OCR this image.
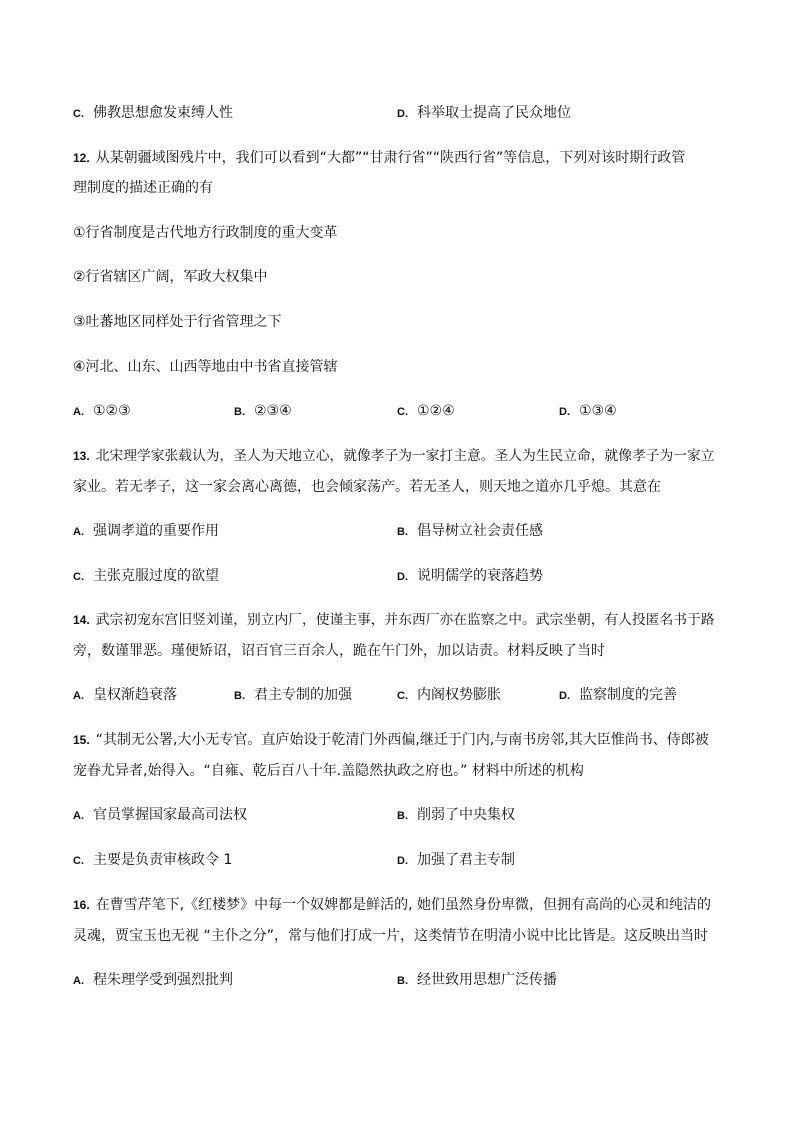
C. 佛教思想愈发束缚人性	D. 科举取士提高了民众地位
12. 从某朝疆域图残片中，我们可以看到“大都”“甘肃行省”“陕西行省”等信息，下列对该时期行政管
理制度的描述正确的有
①行省制度是古代地方行政制度的重大变革
②行省辖区广阔，军政大权集中
③吐蕃地区同样处于行省管理之下
④河北、山东、山西等地由中书省直接管辖
A. ①②③	B. ②③④	C. ①②④	D. ①③④
13. 北宋理学家张载认为，圣人为天地立心，就像孝子为一家打主意。圣人为生民立命，就像孝子为一家立
家业。若无孝子，这一家会离心离德，也会倾家荡产。若无圣人，则天地之道亦几乎熄。其意在
A. 强调孝道的重要作用	B. 倡导树立社会责任感
C. 主张克服过度的欲望	D. 说明儒学的衰落趋势
14. 武宗初宠东宫旧竖刘谨，别立内厂，使谨主事，并东西厂亦在监察之中。武宗坐朝，有人投匿名书于路
旁，数谨罪恶。瑾便矫诏，诏百官三百余人，跪在午门外，加以诘责。材料反映了当时
A. 皇权渐趋衰落	B. 君主专制的加强	C. 内阁权势膨胀	D. 监察制度的完善
15. “其制无公署,大小无专官。直庐始设于乾清门外西偏,继迁于门内,与南书房邻,其大臣惟尚书、侍郎被
宠眷尤异者,始得入。“自雍、乾后百八十年.盖隐然执政之府也。” 材料中所述的机构
A. 官员掌握国家最高司法权	B. 削弱了中央集权
C. 主要是负责审核政令 1	D. 加强了君主专制
16. 在曹雪芹笔下,《红楼梦》中每一个奴婢都是鲜活的, 她们虽然身份卑微，但拥有高尚的心灵和纯洁的
灵魂，贾宝玉也无视 “主仆之分”，常与他们打成一片，这类情节在明清小说中比比皆是。这反映出当时
A. 程朱理学受到强烈批判	B. 经世致用思想广泛传播
